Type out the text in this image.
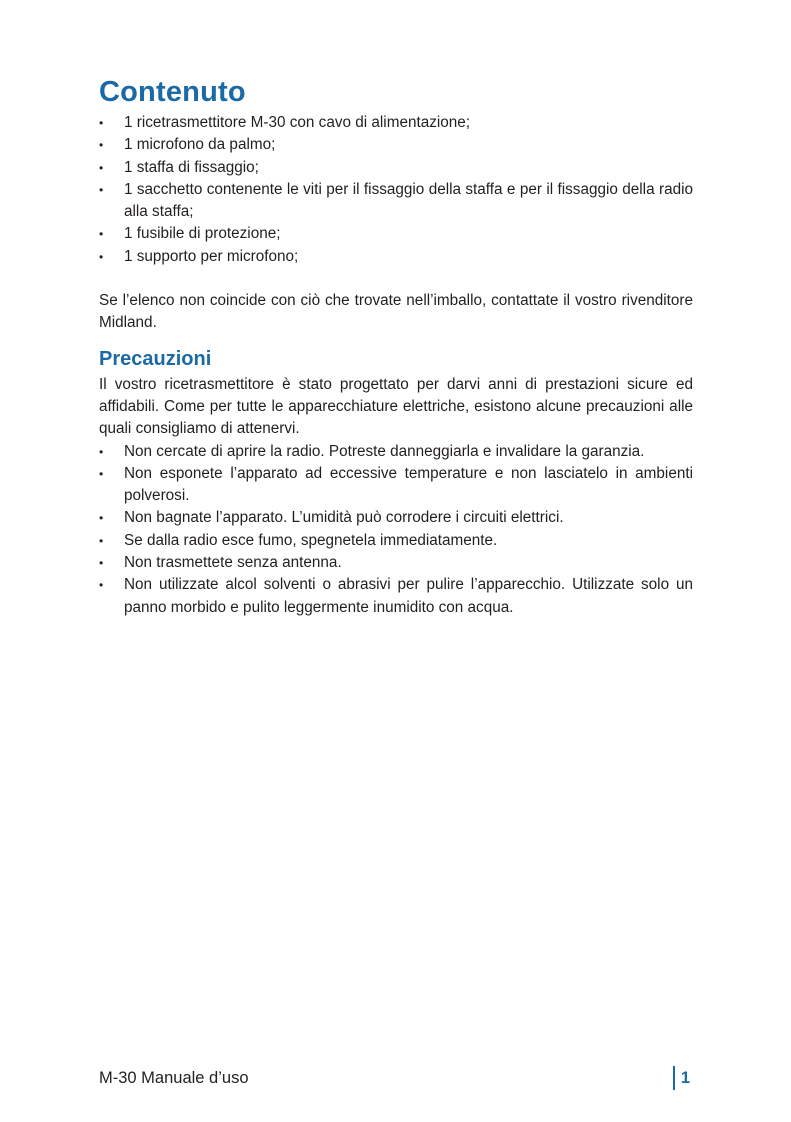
Contenuto
• 1 ricetrasmettitore M-30 con cavo di alimentazione;
• 1 microfono da palmo;
• 1 staffa di fissaggio;
• 1 sacchetto contenente le viti per il fissaggio della staffa e per il fissaggio della radio alla staffa;
• 1 fusibile di protezione;
• 1 supporto per microfono;

Se l’elenco non coincide con ciò che trovate nell’imballo, contattate il vostro rivenditore Midland.

Precauzioni

Il vostro ricetrasmettitore è stato progettato per darvi anni di prestazioni sicure ed affidabili. Come per tutte le apparecchiature elettriche, esistono alcune precauzioni alle quali consigliamo di attenervi.

• Non cercate di aprire la radio. Potreste danneggiarla e invalidare la garanzia.
• Non esponete l’apparato ad eccessive temperature e non lasciatelo in ambienti polverosi.
• Non bagnate l’apparato. L’umidità può corrodere i circuiti elettrici.
• Se dalla radio esce fumo, spegnetela immediatamente.
• Non trasmettete senza antenna.
• Non utilizzate alcol solventi o abrasivi per pulire l’apparecchio. Utilizzate solo un panno morbido e pulito leggermente inumidito con acqua.
M-30 Manuale d’uso	1
